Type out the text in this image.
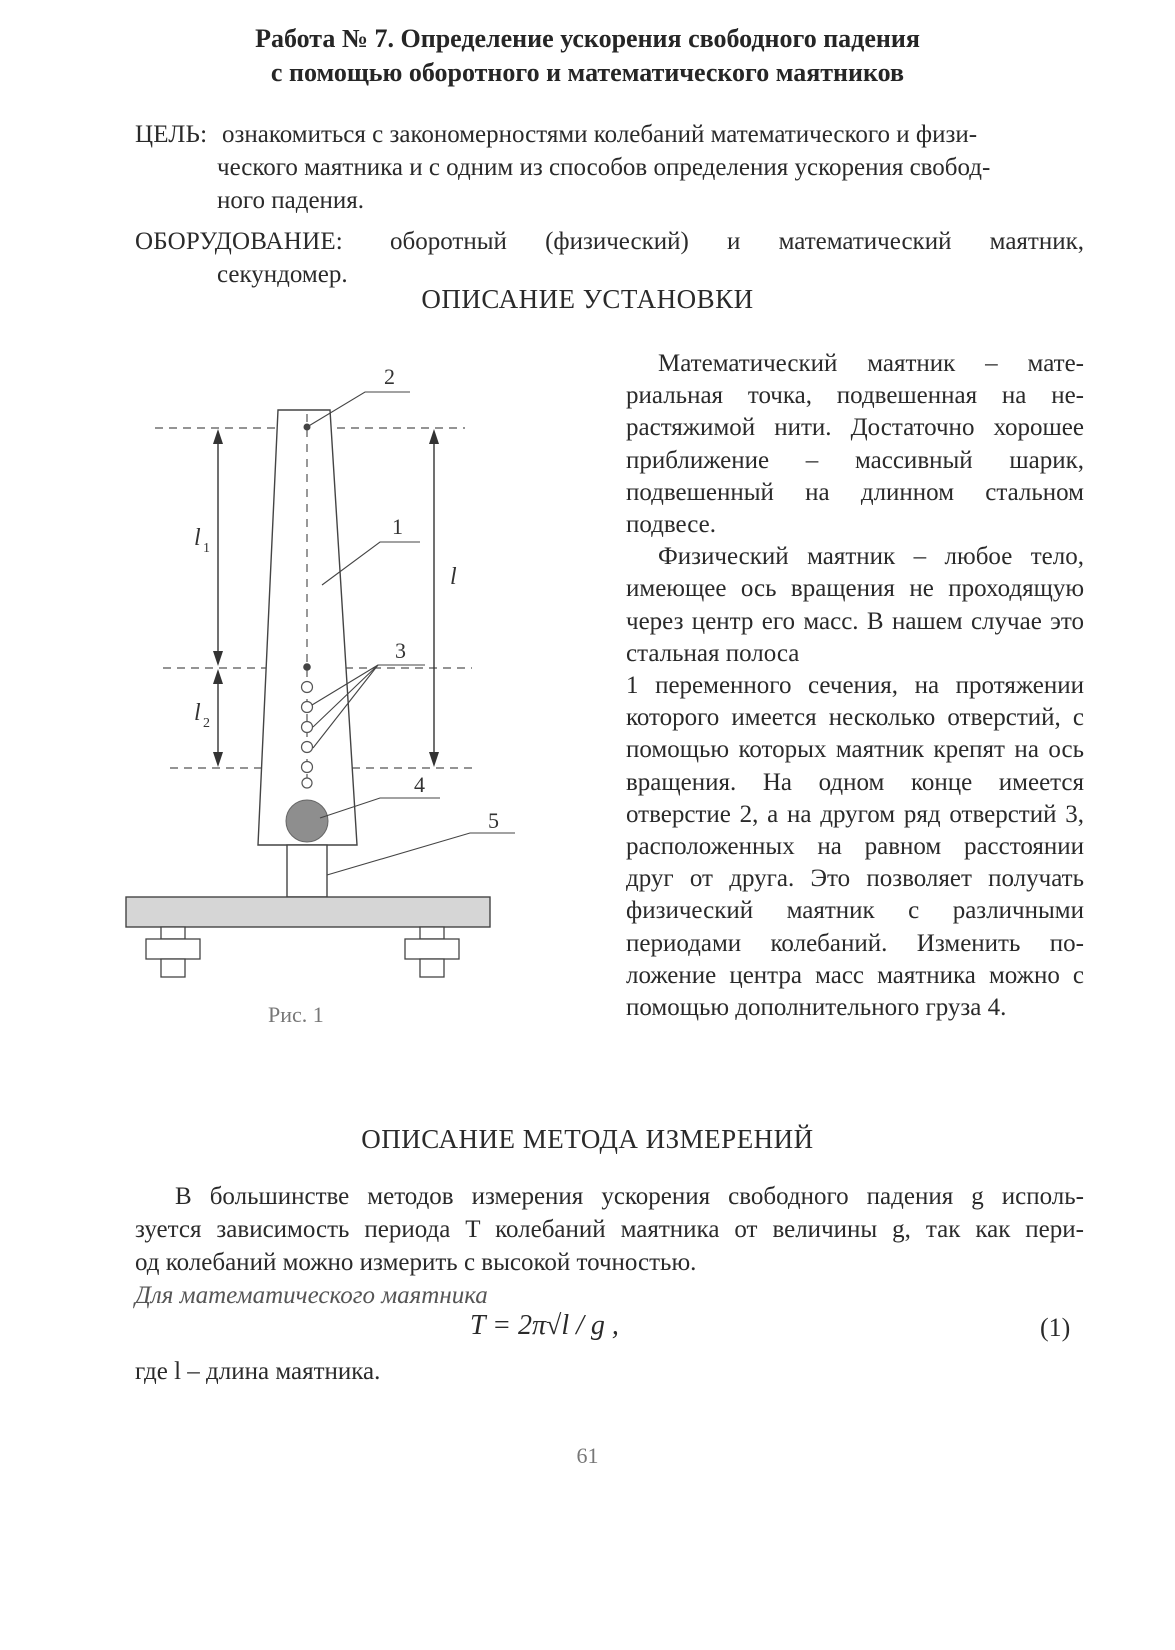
Работа № 7. Определение ускорения свободного падения
с помощью оборотного и математического маятников
ЦЕЛЬ: ознакомиться с закономерностями колебаний математического и физи-
ческого маятника и с одним из способов определения ускорения свобод-
ного падения.
ОБОРУДОВАНИЕ: оборотный (физический) и математический маятник,
секундомер.
ОПИСАНИЕ УСТАНОВКИ
2
1
3
4
5
l 1
l 2
l
Рис. 1

Математический маятник – материальная точка, подвешенная на нерастяжимой нити. Достаточно хорошее приближение – массивный шарик, подвешенный на длинном стальном подвесе.

Физический маятник – любое тело, имеющее ось вращения не проходящую через центр его масс. В нашем случае это стальная полоса

1 переменного сечения, на протяжении которого имеется несколько отверстий, с помощью которых маятник крепят на ось вращения. На одном конце имеется отверстие 2, а на другом ряд отверстий 3, расположенных на равном расстоянии друг от друга. Это позволяет получать физический маятник с различными периодами колебаний. Изменить положение центра масс маятника можно с помощью дополнительного груза 4.

ОПИСАНИЕ МЕТОДА ИЗМЕРЕНИЙ
В большинстве методов измерения ускорения свободного падения g исполь-
зуется зависимость периода T колебаний маятника от величины g, так как пери-
од колебаний можно измерить с высокой точностью.
Для математического маятника
T = 2π√l / g ,	(1)
где l – длина маятника.
61
